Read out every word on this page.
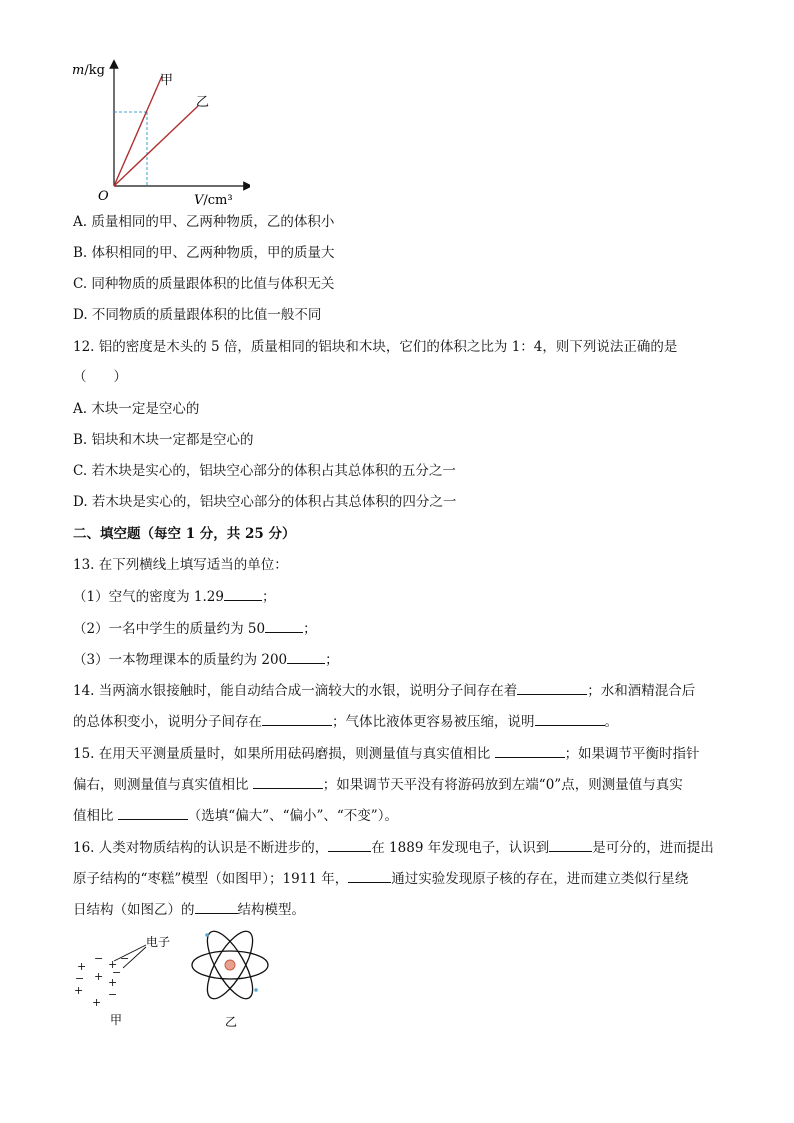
m/kg
V/cm³
O
甲
乙
A. 质量相同的甲、乙两种物质，乙的体积小
B. 体积相同的甲、乙两种物质，甲的质量大
C. 同种物质的质量跟体积的比值与体积无关
D. 不同物质的质量跟体积的比值一般不同
12. 铝的密度是木头的 5 倍，质量相同的铝块和木块，它们的体积之比为 1：4，则下列说法正确的是
（　　）
A. 木块一定是空心的
B. 铝块和木块一定都是空心的
C. 若木块是实心的，铝块空心部分的体积占其总体积的五分之一
D. 若木块是实心的，铝块空心部分的体积占其总体积的四分之一
二、填空题（每空 1 分，共 25 分）
13. 在下列横线上填写适当的单位：
（1）空气的密度为 1.29	；
（2）一名中学生的质量约为 50	；
（3）一本物理课本的质量约为 200	；
14. 当两滴水银接触时，能自动结合成一滴较大的水银，说明分子间存在着	；水和酒精混合后
的总体积变小，说明分子间存在	；气体比液体更容易被压缩，说明	。
15. 在用天平测量质量时，如果所用砝码磨损，则测量值与真实值相比	；如果调节平衡时指针
偏右，则测量值与真实值相比	；如果调节天平没有将游码放到左端“0”点，则测量值与真实
值相比	（选填“偏大”、“偏小”、“不变”）。
16. 人类对物质结构的认识是不断进步的，	在 1889 年发现电子，认识到	是可分的，进而提出
原子结构的“枣糕”模型（如图甲）；1911 年，	通过实验发现原子核的存在，进而建立类似行星绕
日结构（如图乙）的	结构模型。
+
− + −
− + +
+ −
+
−
电子
甲	乙
